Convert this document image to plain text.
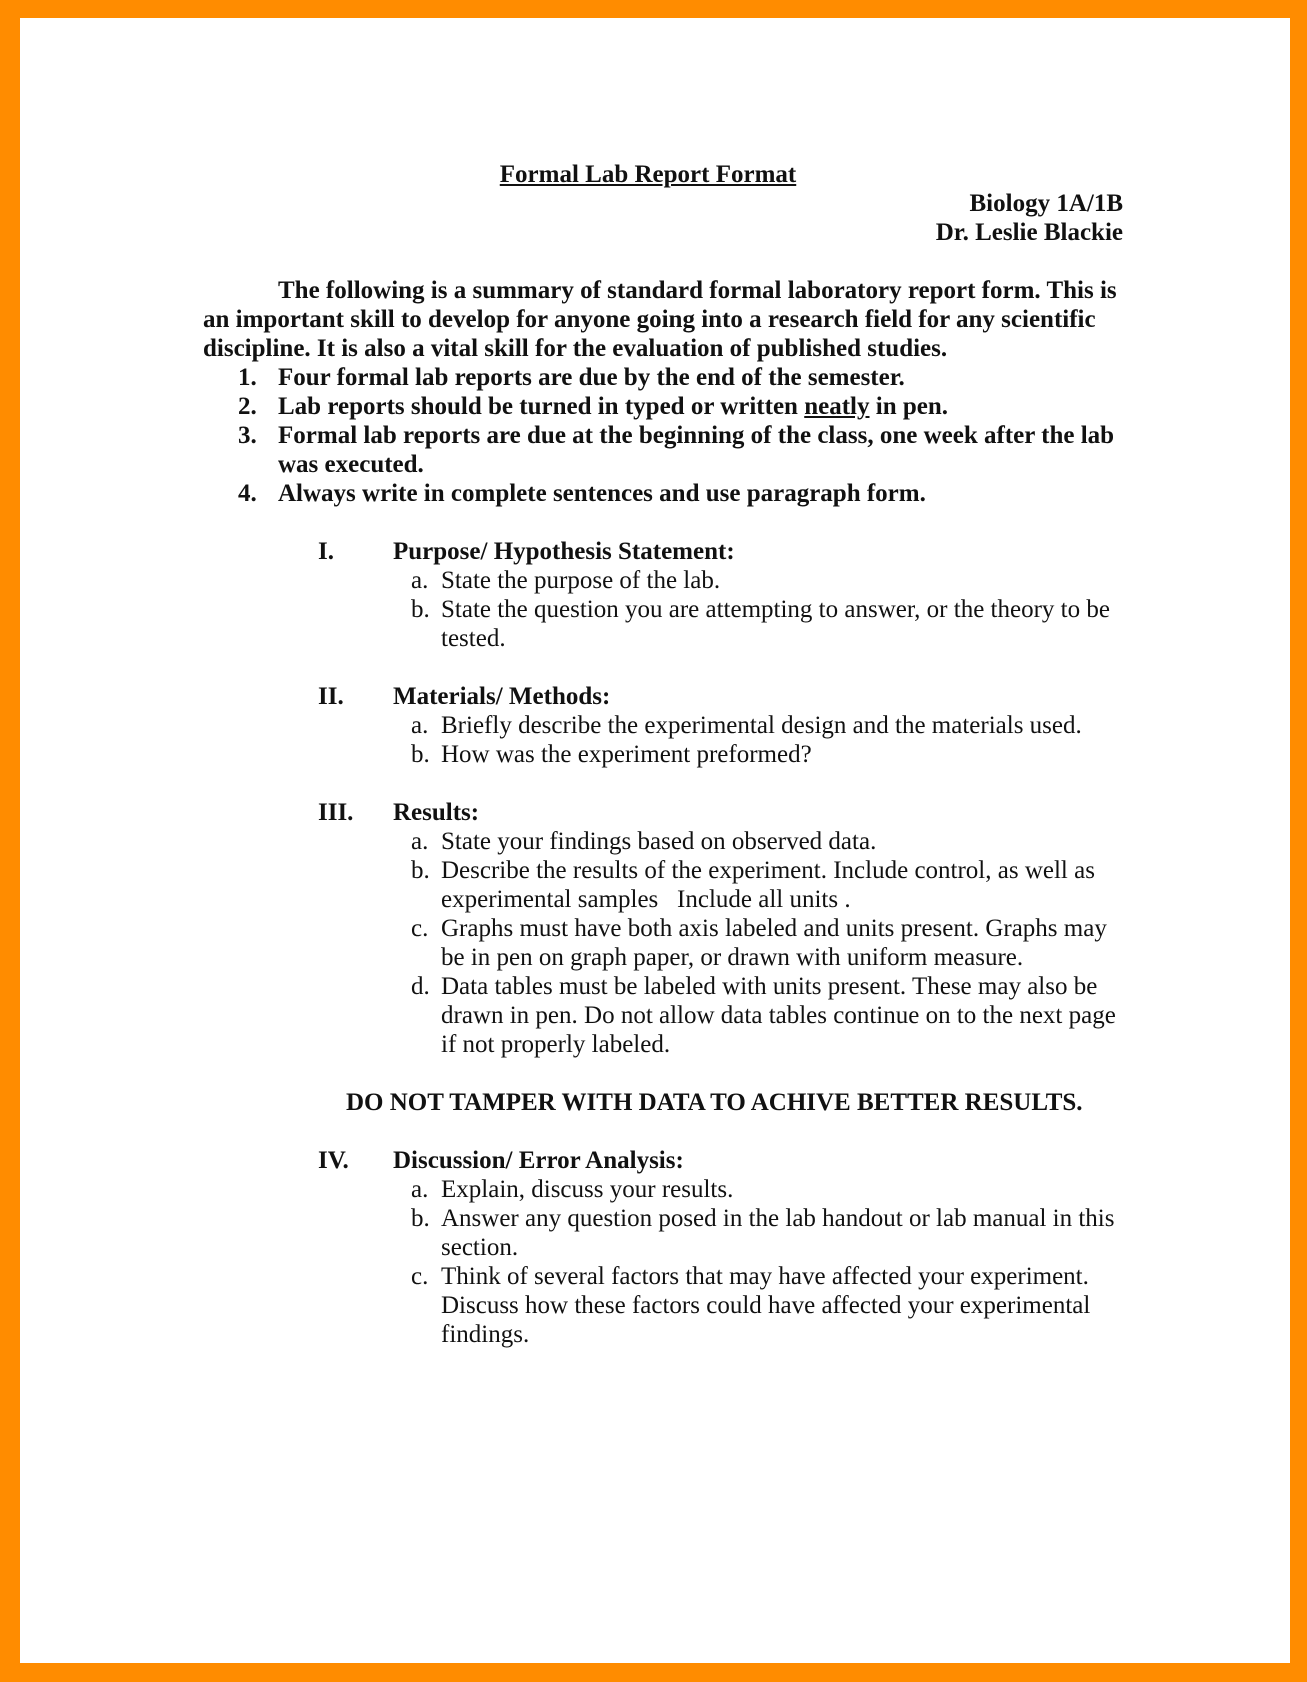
Formal Lab Report Format

Biology 1A/1B

Dr. Leslie Blackie

The following is a summary of standard formal laboratory report form. This is an important skill to develop for anyone going into a research field for any scientific discipline. It is also a vital skill for the evaluation of published studies.

1. Four formal lab reports are due by the end of the semester.
2. Lab reports should be turned in typed or written neatly in pen.
3. Formal lab reports are due at the beginning of the class, one week after the lab was executed.
4. Always write in complete sentences and use paragraph form.
I.	Purpose/ Hypothesis Statement:
a. State the purpose of the lab.
b. State the question you are attempting to answer, or the theory to be tested.
II.	Materials/ Methods:
a. Briefly describe the experimental design and the materials used.
b. How was the experiment preformed?
III.	Results:
a. State your findings based on observed data.
b. Describe the results of the experiment. Include control, as well as experimental samples   Include all units .
c. Graphs must have both axis labeled and units present. Graphs may be in pen on graph paper, or drawn with uniform measure.
d. Data tables must be labeled with units present. These may also be drawn in pen. Do not allow data tables continue on to the next page if not properly labeled.

DO NOT TAMPER WITH DATA TO ACHIVE BETTER RESULTS.

IV.	Discussion/ Error Analysis:
a. Explain, discuss your results.
b. Answer any question posed in the lab handout or lab manual in this section.
c. Think of several factors that may have affected your experiment. Discuss how these factors could have affected your experimental findings.
